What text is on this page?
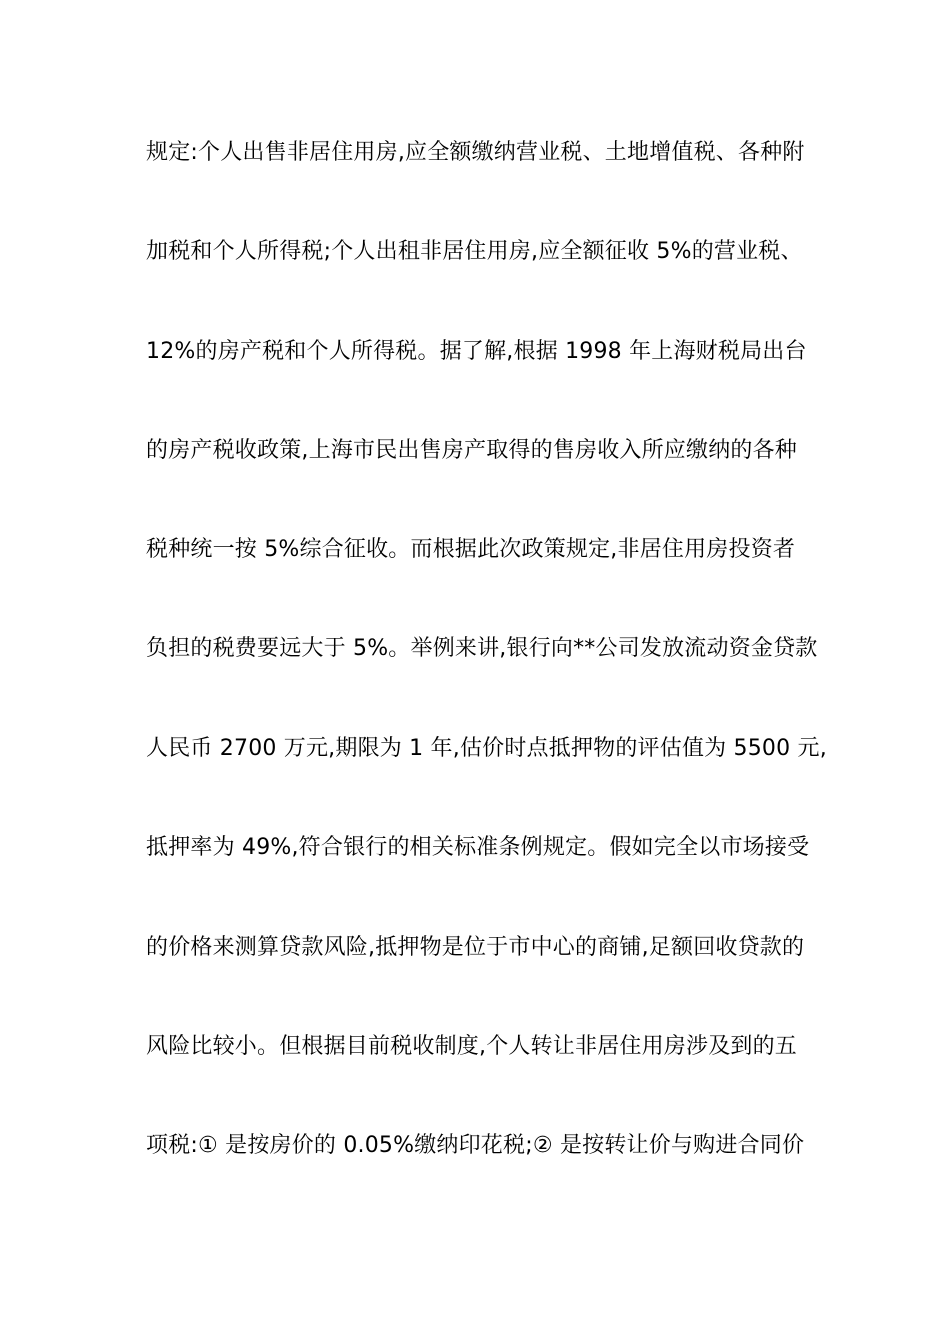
规定:个人出售非居住用房,应全额缴纳营业税、土地增值税、各种附
加税和个人所得税;个人出租非居住用房,应全额征收 5%的营业税、
12%的房产税和个人所得税。据了解,根据 1998 年上海财税局出台
的房产税收政策,上海市民出售房产取得的售房收入所应缴纳的各种
税种统一按 5%综合征收。而根据此次政策规定,非居住用房投资者
负担的税费要远大于 5%。举例来讲,银行向**公司发放流动资金贷款
人民币 2700 万元,期限为 1 年,估价时点抵押物的评估值为 5500 元,
抵押率为 49%,符合银行的相关标准条例规定。假如完全以市场接受
的价格来测算贷款风险,抵押物是位于市中心的商铺,足额回收贷款的
风险比较小。但根据目前税收制度,个人转让非居住用房涉及到的五
项税:① 是按房价的 0.05%缴纳印花税;② 是按转让价与购进合同价
